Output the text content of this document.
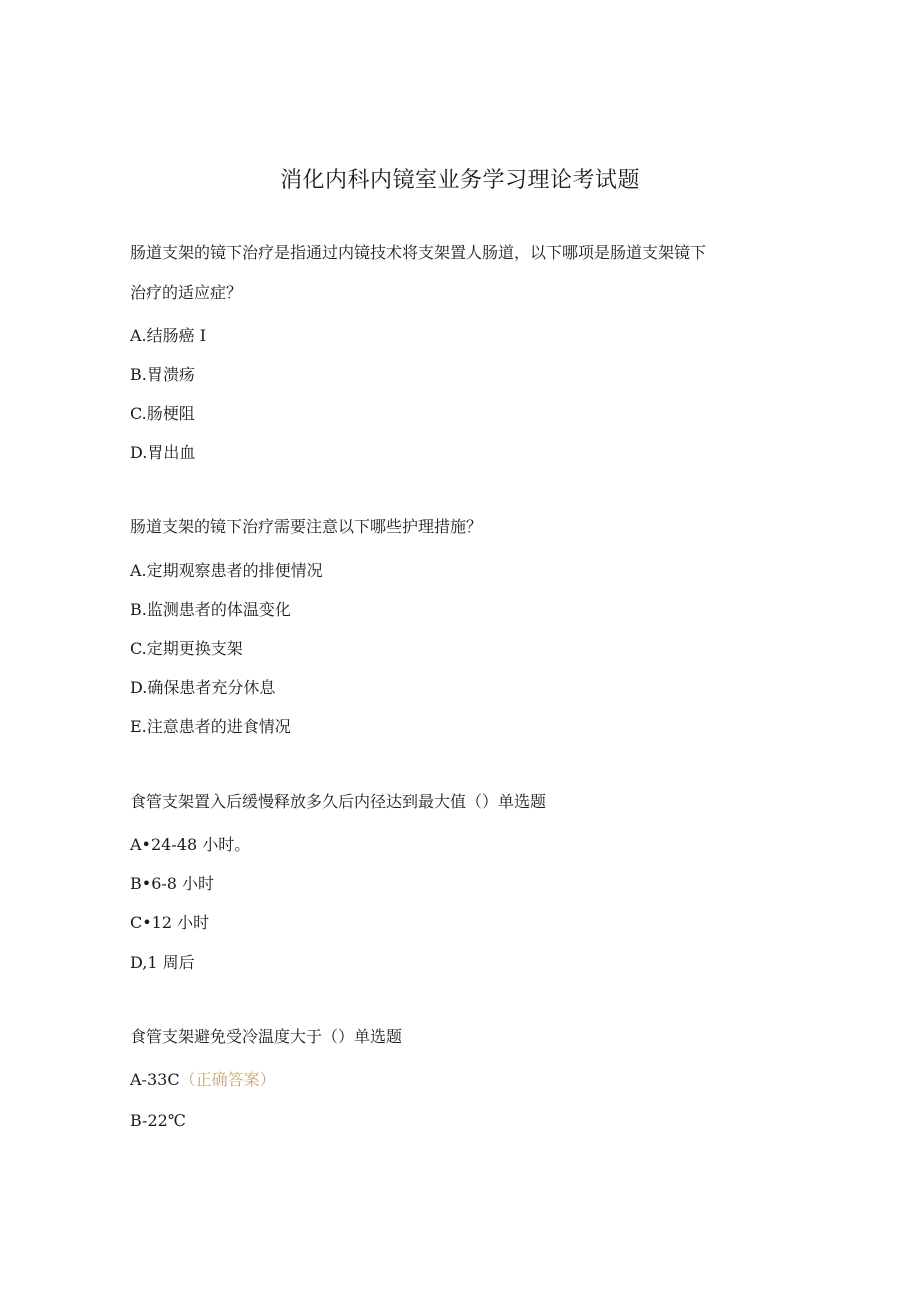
消化内科内镜室业务学习理论考试题
肠道支架的镜下治疗是指通过内镜技术将支架置人肠道，以下哪项是肠道支架镜下
治疗的适应症？
A.结肠癌 I
B.胃溃疡
C.肠梗阻
D.胃出血
肠道支架的镜下治疗需要注意以下哪些护理措施？
A.定期观察患者的排便情况
B.监测患者的体温变化
C.定期更换支架
D.确保患者充分休息
E.注意患者的进食情况
食管支架置入后缓慢释放多久后内径达到最大值（）单选题
A•24-48 小时。
B•6-8 小时
C•12 小时
D,1 周后
食管支架避免受冷温度大于（）单选题
A-33C（正确答案）
B-22℃
